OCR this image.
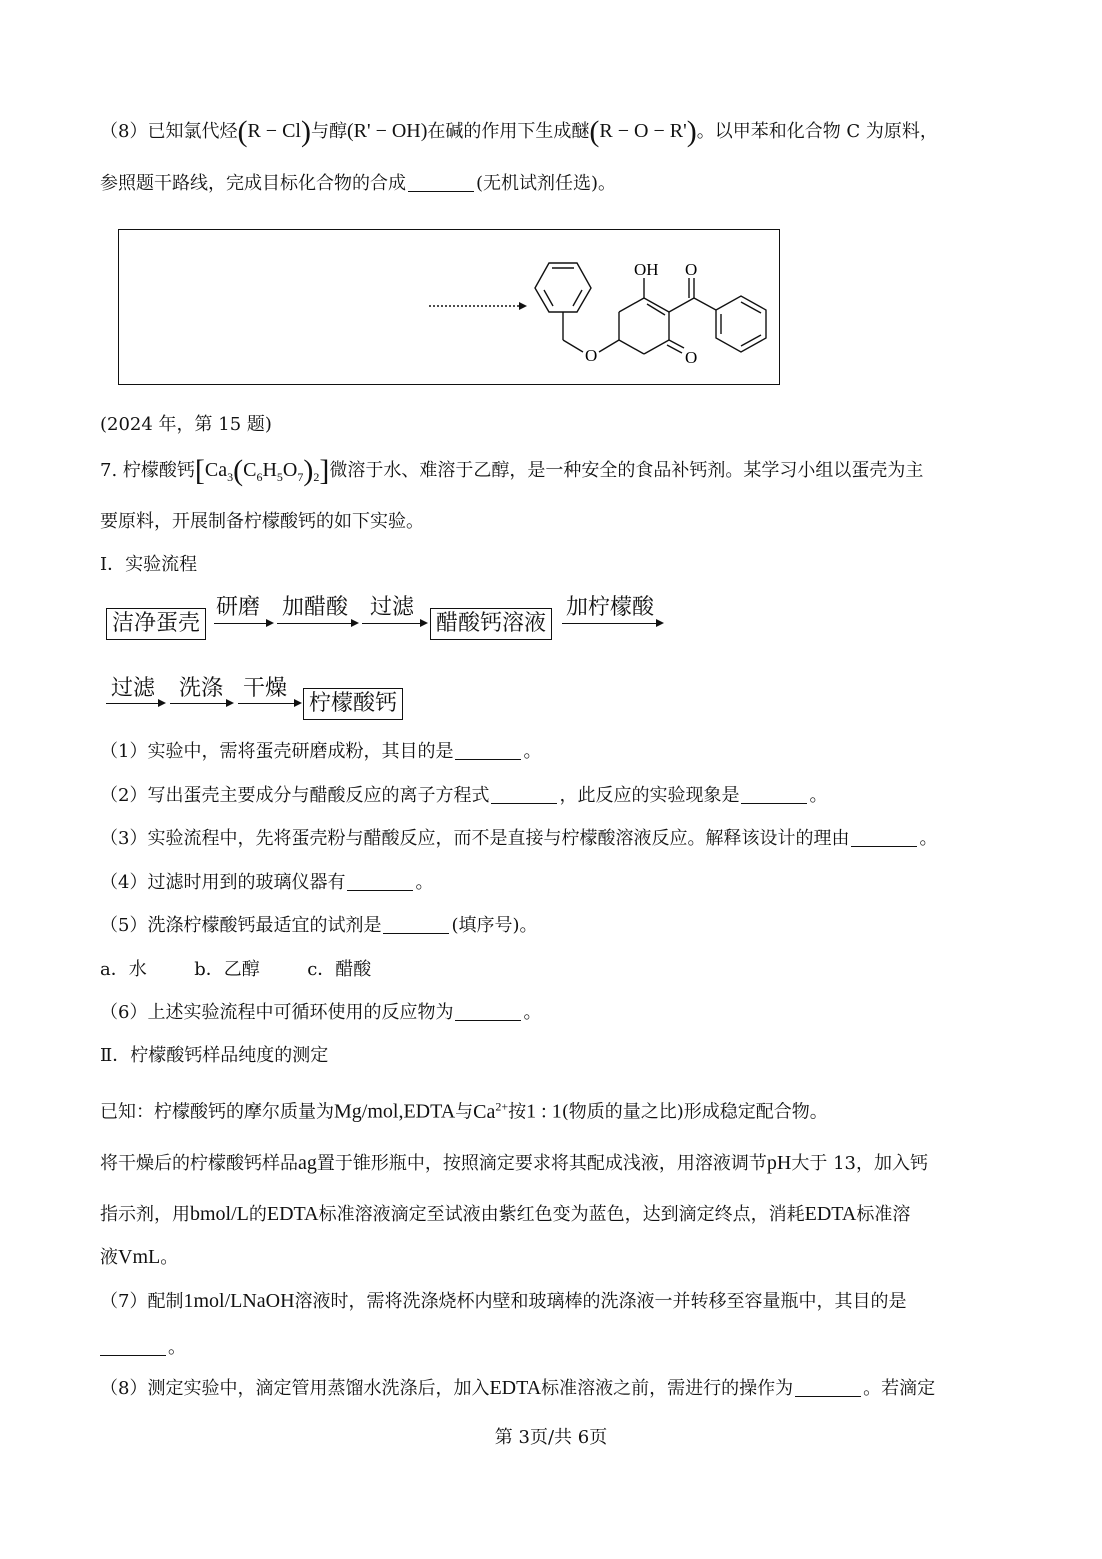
（8）已知氯代烃(R − Cl)与醇(R' − OH)在碱的作用下生成醚(R − O − R')。以甲苯和化合物 C 为原料，
参照题干路线，完成目标化合物的合成	(无机试剂任选)。
OH O
O
O
(2024 年，第 15 题)
7. 柠檬酸钙$[Ca_3(C_6H_5O_7)_2]$微溶于水、难溶于乙醇，是一种安全的食品补钙剂。某学习小组以蛋壳为主
要原料，开展制备柠檬酸钙的如下实验。
Ⅰ．实验流程
洁净蛋壳
研磨 加醋酸 过滤
醋酸钙溶液
加柠檬酸
过滤 洗涤 干燥
柠檬酸钙
（1）实验中，需将蛋壳研磨成粉，其目的是	。
（2）写出蛋壳主要成分与醋酸反应的离子方程式	，此反应的实验现象是	。
（3）实验流程中，先将蛋壳粉与醋酸反应，而不是直接与柠檬酸溶液反应。解释该设计的理由	。
（4）过滤时用到的玻璃仪器有	。
（5）洗涤柠檬酸钙最适宜的试剂是	(填序号)。
a．水	b．乙醇	c．醋酸
（6）上述实验流程中可循环使用的反应物为	。
Ⅱ．柠檬酸钙样品纯度的测定
已知：柠檬酸钙的摩尔质量为Mg/mol,EDTA与$Ca^{2+}$按1 : 1(物质的量之比)形成稳定配合物。
将干燥后的柠檬酸钙样品ag置于锥形瓶中，按照滴定要求将其配成浅液，用溶液调节pH大于 13，加入钙
指示剂，用bmol/L的EDTA标准溶液滴定至试液由紫红色变为蓝色，达到滴定终点，消耗EDTA标准溶
液VmL。
（7）配制1mol/LNaOH溶液时，需将洗涤烧杯内壁和玻璃棒的洗涤液一并转移至容量瓶中，其目的是
。
（8）测定实验中，滴定管用蒸馏水洗涤后，加入EDTA标准溶液之前，需进行的操作为	。若滴定
第 3页/共 6页
